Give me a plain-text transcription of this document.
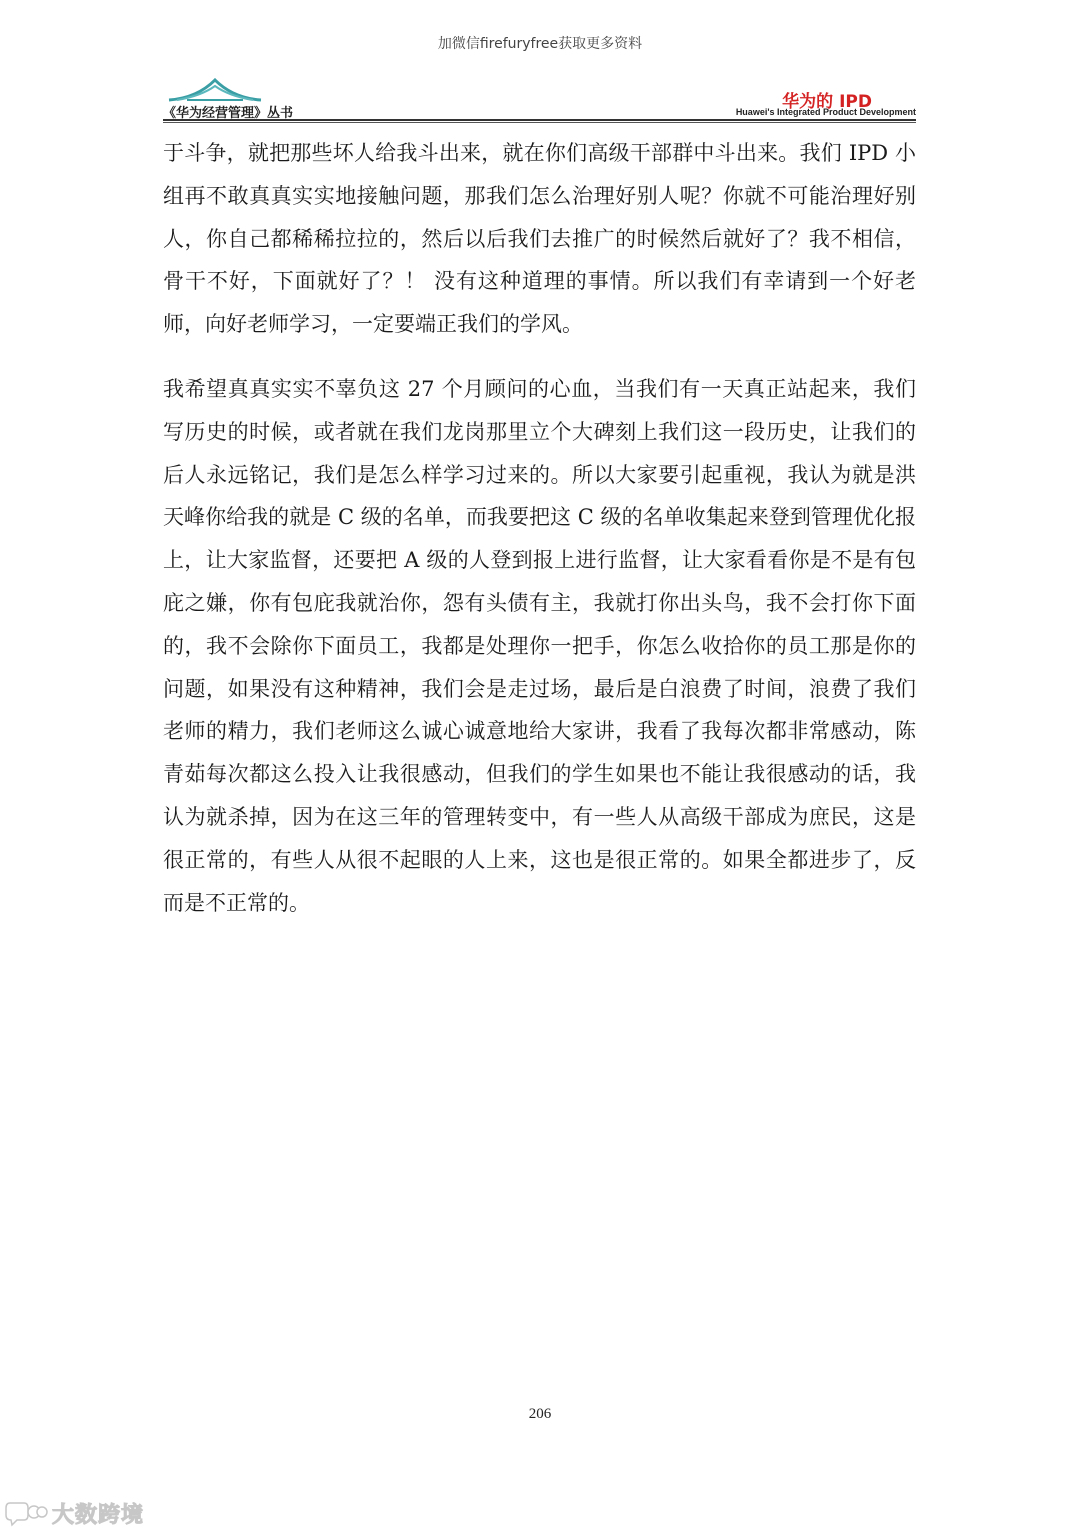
加微信firefuryfree获取更多资料
《华为经营管理》丛书
华为的 IPD
Huawei's Integrated Product Development

于斗争，就把那些坏人给我斗出来，就在你们高级干部群中斗出来。我们 IPD 小组再不敢真真实实地接触问题，那我们怎么治理好别人呢？你就不可能治理好别人，你自己都稀稀拉拉的，然后以后我们去推广的时候然后就好了？我不相信，骨干不好，下面就好了？！ 没有这种道理的事情。所以我们有幸请到一个好老师，向好老师学习，一定要端正我们的学风。

我希望真真实实不辜负这 27 个月顾问的心血，当我们有一天真正站起来，我们写历史的时候，或者就在我们龙岗那里立个大碑刻上我们这一段历史，让我们的后人永远铭记，我们是怎么样学习过来的。所以大家要引起重视，我认为就是洪天峰你给我的就是 C 级的名单，而我要把这 C 级的名单收集起来登到管理优化报上，让大家监督，还要把 A 级的人登到报上进行监督，让大家看看你是不是有包庇之嫌，你有包庇我就治你，怨有头债有主，我就打你出头鸟，我不会打你下面的，我不会除你下面员工，我都是处理你一把手，你怎么收拾你的员工那是你的问题，如果没有这种精神，我们会是走过场，最后是白浪费了时间，浪费了我们老师的精力，我们老师这么诚心诚意地给大家讲，我看了我每次都非常感动，陈青茹每次都这么投入让我很感动，但我们的学生如果也不能让我很感动的话，我认为就杀掉，因为在这三年的管理转变中，有一些人从高级干部成为庶民，这是很正常的，有些人从很不起眼的人上来，这也是很正常的。如果全都进步了，反而是不正常的。

206
大数跨境
